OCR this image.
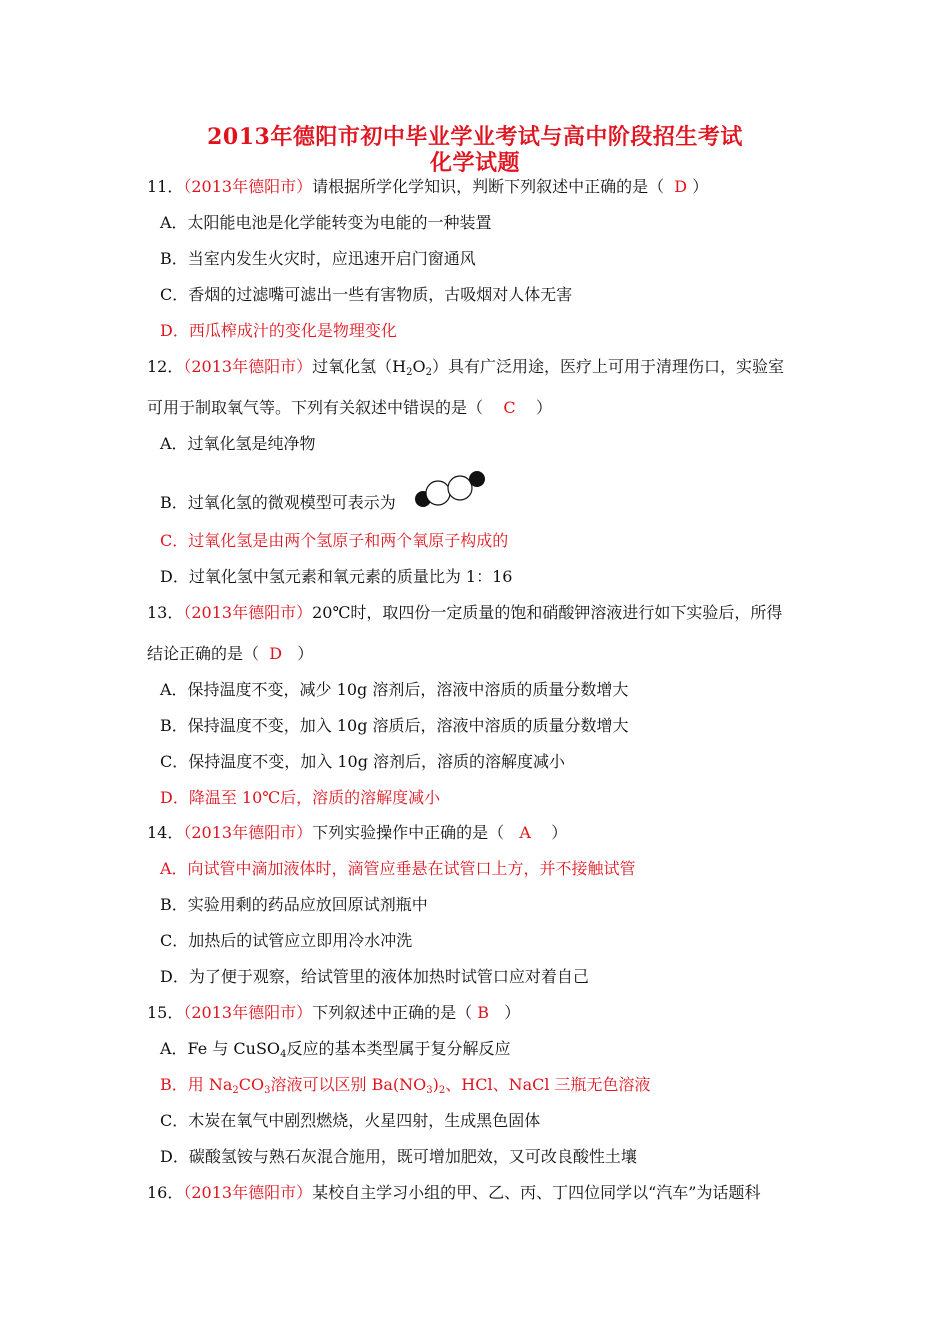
2013年德阳市初中毕业学业考试与高中阶段招生考试
化学试题
11．（2013年德阳市）请根据所学化学知识，判断下列叙述中正确的是（ D ）
A．太阳能电池是化学能转变为电能的一种装置
B．当室内发生火灾时，应迅速开启门窗通风
C．香烟的过滤嘴可滤出一些有害物质，古吸烟对人体无害
D．西瓜榨成汁的变化是物理变化
12．（2013年德阳市）过氧化氢$(H_2O_2)$具有广泛用途，医疗上可用于清理伤口，实验室
可用于制取氧气等。下列有关叙述中错误的是（ C ）
A．过氧化氢是纯净物
B．过氧化氢的微观模型可表示为
C．过氧化氢是由两个氢原子和两个氧原子构成的
D．过氧化氢中氢元素和氧元素的质量比为 1：16
13．（2013年德阳市）20℃时，取四份一定质量的饱和硝酸钾溶液进行如下实验后，所得
结论正确的是（ D ）
A．保持温度不变，减少 10g 溶剂后，溶液中溶质的质量分数增大
B．保持温度不变，加入 10g 溶质后，溶液中溶质的质量分数增大
C．保持温度不变，加入 10g 溶剂后，溶质的溶解度减小
D．降温至 10℃后，溶质的溶解度减小
14．（2013年德阳市）下列实验操作中正确的是（ A ）
A．向试管中滴加液体时，滴管应垂悬在试管口上方，并不接触试管
B．实验用剩的药品应放回原试剂瓶中
C．加热后的试管应立即用冷水冲洗
D．为了便于观察，给试管里的液体加热时试管口应对着自己
15．（2013年德阳市）下列叙述中正确的是（ B ）
A．Fe 与 CuSO$_4$反应的基本类型属于复分解反应
B．用 $Na_2CO_3$溶液可以区别 $Ba(NO_3)_2$、HCl、NaCl 三瓶无色溶液
C．木炭在氧气中剧烈燃烧，火星四射，生成黑色固体
D．碳酸氢铵与熟石灰混合施用，既可增加肥效，又可改良酸性土壤
16．（2013年德阳市）某校自主学习小组的甲、乙、丙、丁四位同学以“汽车”为话题科
